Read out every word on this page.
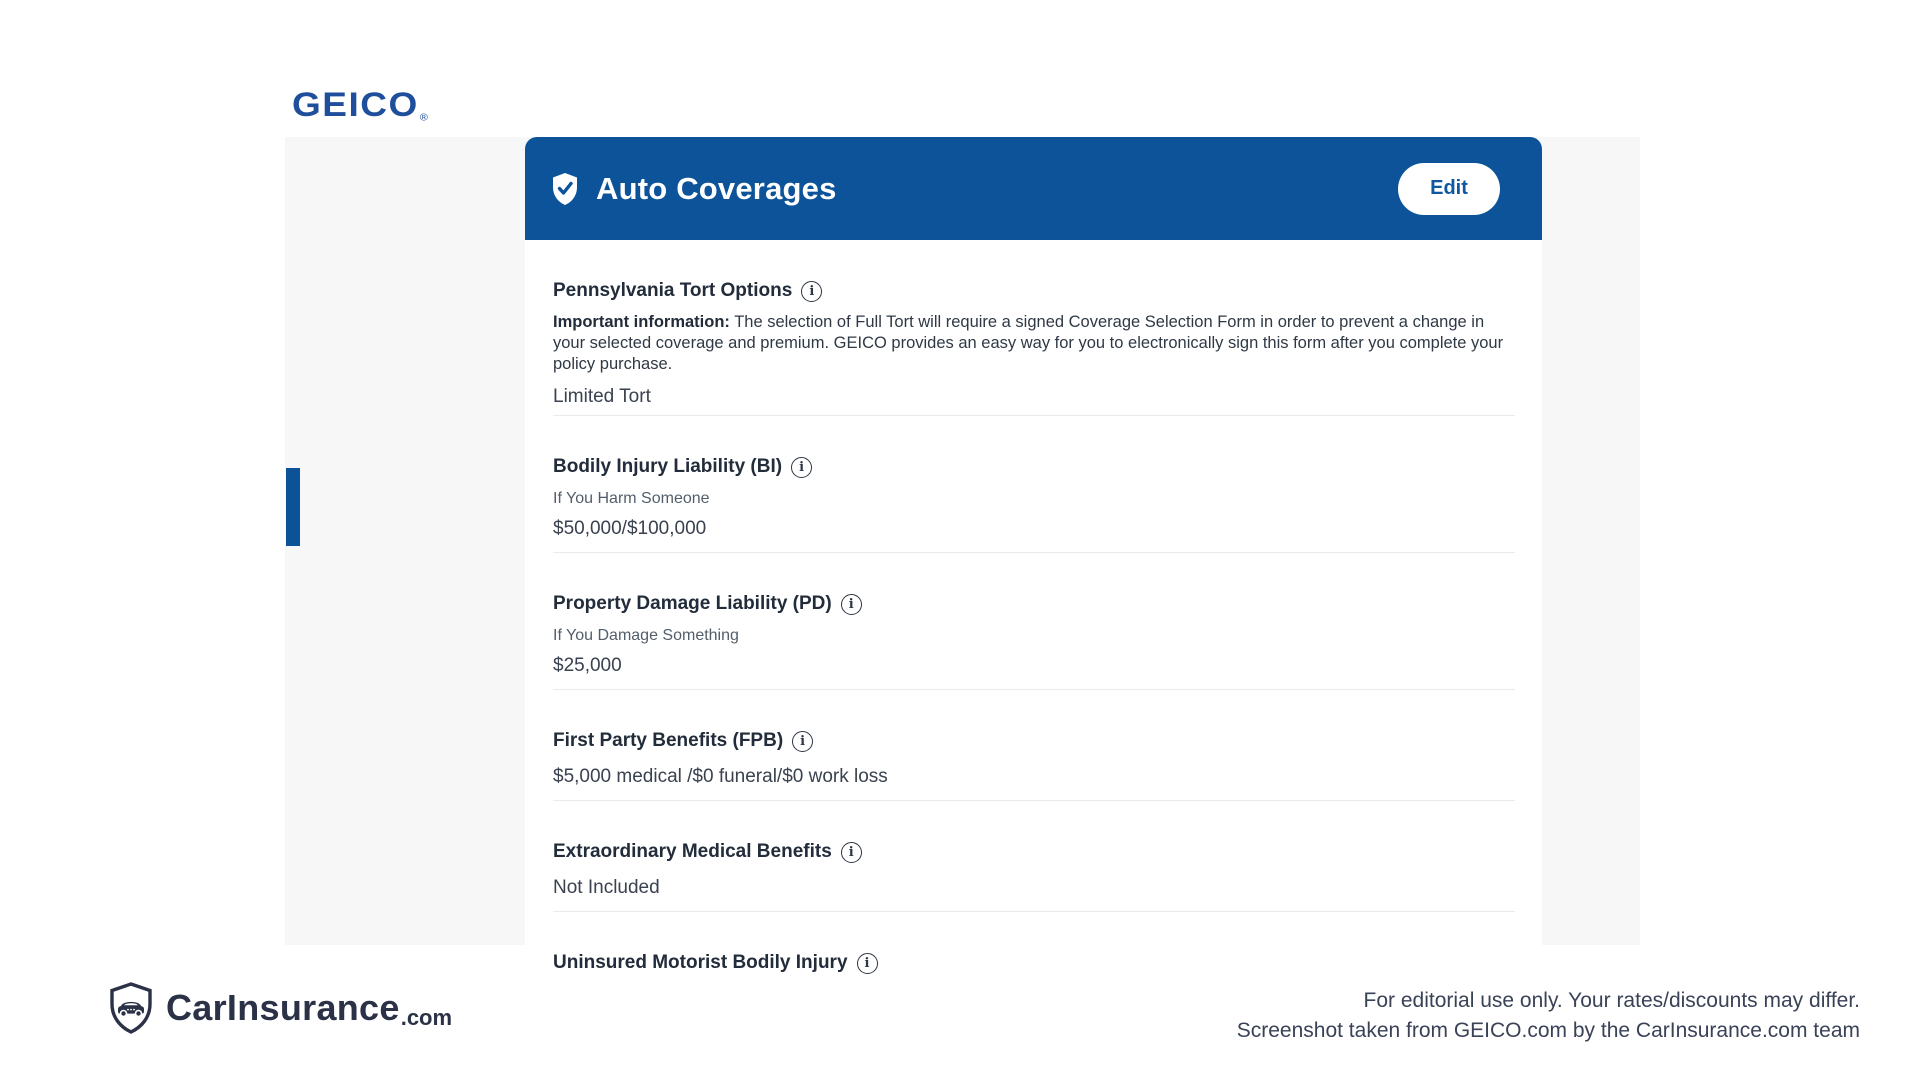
GEICO ®
Auto Coverages	Edit
Pennsylvania Tort Options	i

Important information: The selection of Full Tort will require a signed Coverage Selection Form in order to prevent a change in your selected coverage and premium. GEICO provides an easy way for you to electronically sign this form after you complete your policy purchase.

Limited Tort
Bodily Injury Liability (BI)	i
If You Harm Someone
$50,000/$100,000
Property Damage Liability (PD)	i
If You Damage Something
$25,000
First Party Benefits (FPB)	i
$5,000 medical /$0 funeral/$0 work loss
Extraordinary Medical Benefits	i
Not Included
Uninsured Motorist Bodily Injury	i
CarInsurance .com
For editorial use only. Your rates/discounts may differ.
Screenshot taken from GEICO.com by the CarInsurance.com team
